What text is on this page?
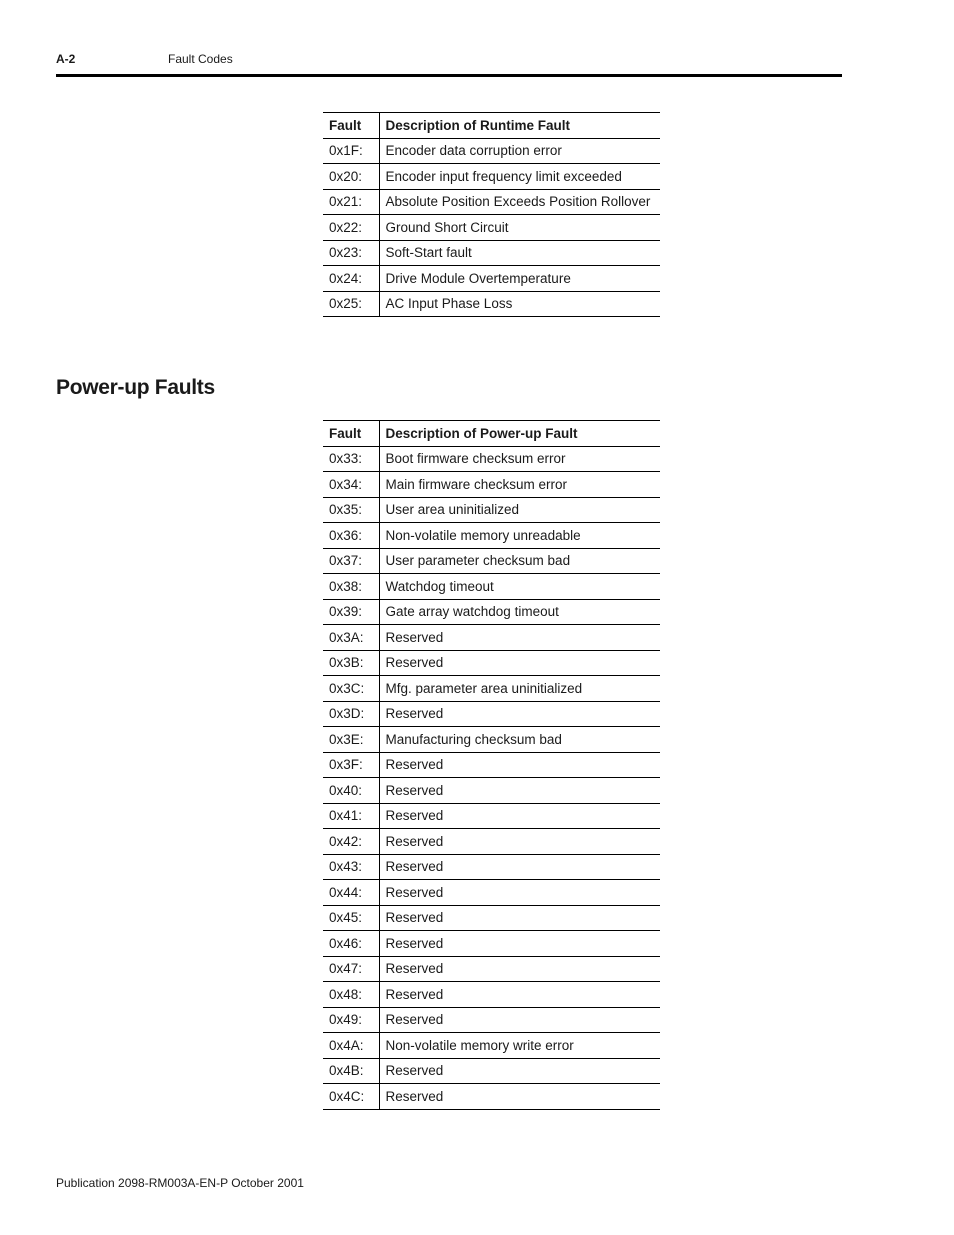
A-2	Fault Codes
Fault	Description of Runtime Fault
0x1F:	Encoder data corruption error
0x20:	Encoder input frequency limit exceeded
0x21:	Absolute Position Exceeds Position Rollover
0x22:	Ground Short Circuit
0x23:	Soft-Start fault
0x24:	Drive Module Overtemperature
0x25:	AC Input Phase Loss
Power-up Faults
Fault	Description of Power-up Fault
0x33:	Boot firmware checksum error
0x34:	Main firmware checksum error
0x35:	User area uninitialized
0x36:	Non-volatile memory unreadable
0x37:	User parameter checksum bad
0x38:	Watchdog timeout
0x39:	Gate array watchdog timeout
0x3A:	Reserved
0x3B:	Reserved
0x3C:	Mfg. parameter area uninitialized
0x3D:	Reserved
0x3E:	Manufacturing checksum bad
0x3F:	Reserved
0x40:	Reserved
0x41:	Reserved
0x42:	Reserved
0x43:	Reserved
0x44:	Reserved
0x45:	Reserved
0x46:	Reserved
0x47:	Reserved
0x48:	Reserved
0x49:	Reserved
0x4A:	Non-volatile memory write error
0x4B:	Reserved
0x4C:	Reserved
Publication 2098-RM003A-EN-P October 2001
